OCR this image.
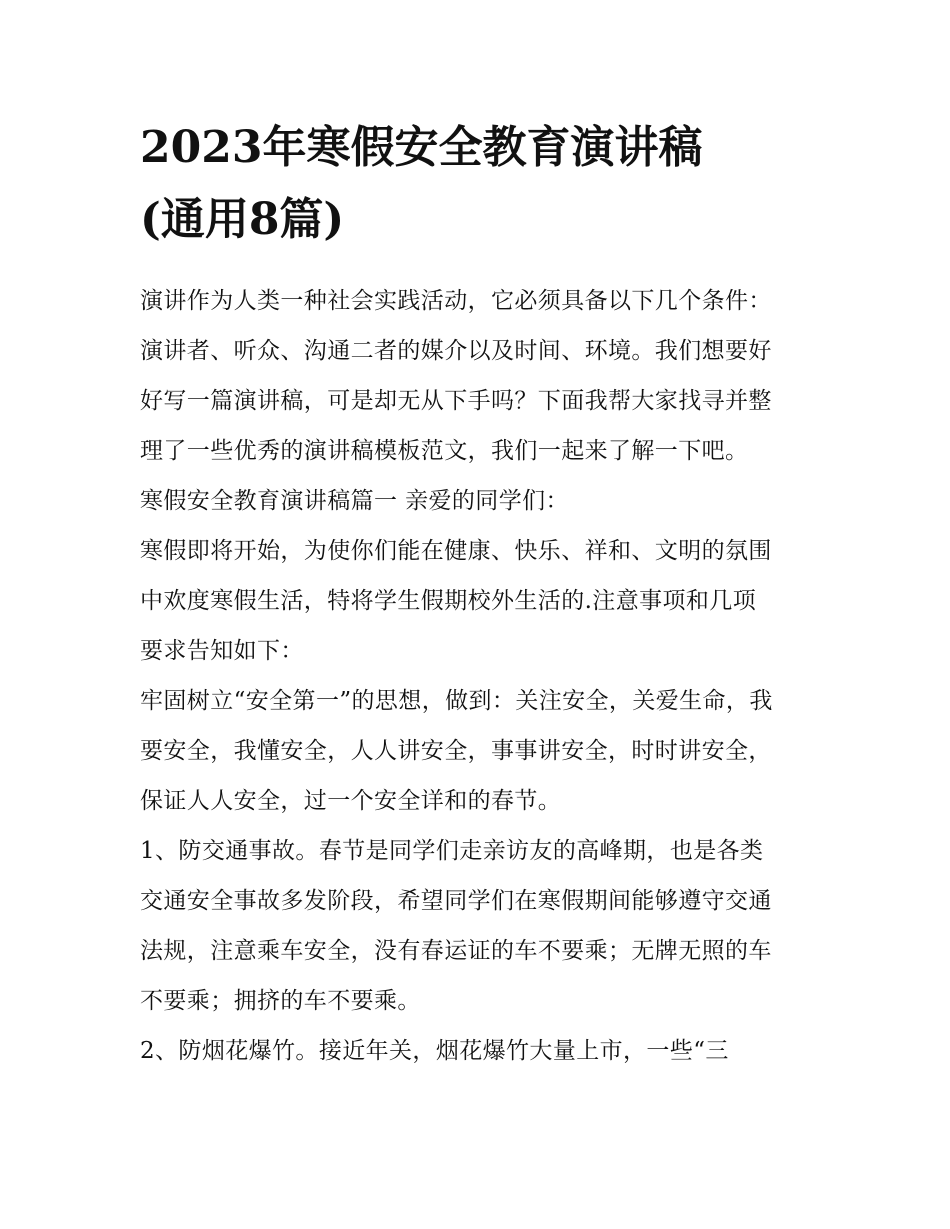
2023年寒假安全教育演讲稿
(通用8篇)

演讲作为人类一种社会实践活动，它必须具备以下几个条件：
演讲者、听众、沟通二者的媒介以及时间、环境。我们想要好
好写一篇演讲稿，可是却无从下手吗？下面我帮大家找寻并整
理了一些优秀的演讲稿模板范文，我们一起来了解一下吧。

寒假安全教育演讲稿篇一 亲爱的同学们：

寒假即将开始，为使你们能在健康、快乐、祥和、文明的氛围
中欢度寒假生活，特将学生假期校外生活的.注意事项和几项
要求告知如下：

牢固树立“安全第一”的思想，做到：关注安全，关爱生命，我
要安全，我懂安全，人人讲安全，事事讲安全，时时讲安全，
保证人人安全，过一个安全详和的春节。

1、防交通事故。春节是同学们走亲访友的高峰期，也是各类
交通安全事故多发阶段，希望同学们在寒假期间能够遵守交通
法规，注意乘车安全，没有春运证的车不要乘；无牌无照的车
不要乘；拥挤的车不要乘。

2、防烟花爆竹。接近年关，烟花爆竹大量上市，一些“三
